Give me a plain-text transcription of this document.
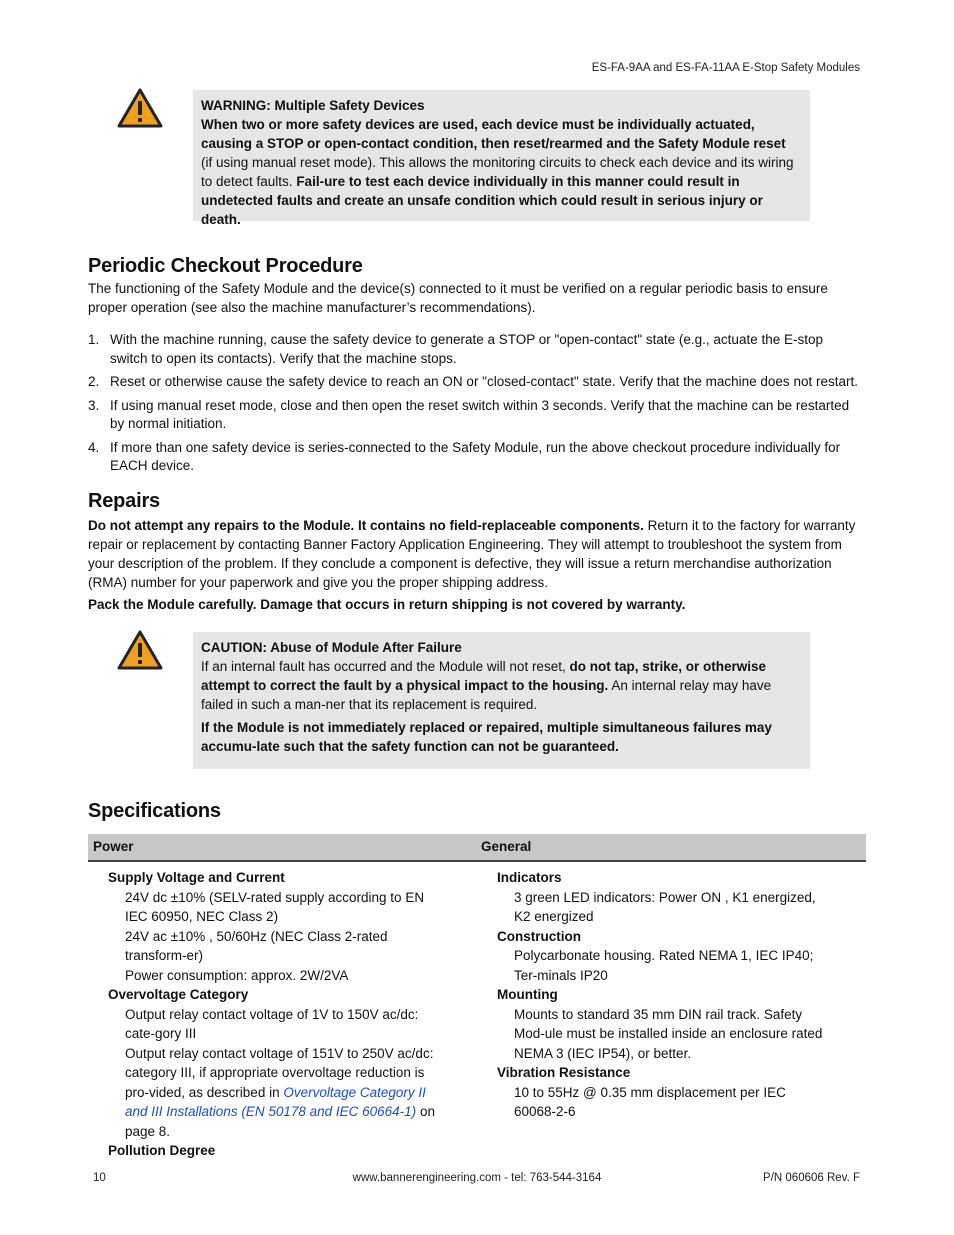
ES-FA-9AA and ES-FA-11AA E-Stop Safety Modules

WARNING: Multiple Safety Devices

When two or more safety devices are used, each device must be individually actuated, causing a STOP or open-contact condition, then reset/rearmed and the Safety Module reset (if using manual reset mode). This allows the monitoring circuits to check each device and its wiring to detect faults. Fail-ure to test each device individually in this manner could result in undetected faults and create an unsafe condition which could result in serious injury or death.

Periodic Checkout Procedure

The functioning of the Safety Module and the device(s) connected to it must be verified on a regular periodic basis to ensure proper operation (see also the machine manufacturer’s recommendations).

1. With the machine running, cause the safety device to generate a STOP or "open-contact" state (e.g., actuate the E-stop switch to open its contacts). Verify that the machine stops.
2. Reset or otherwise cause the safety device to reach an ON or "closed-contact" state. Verify that the machine does not restart.
3. If using manual reset mode, close and then open the reset switch within 3 seconds. Verify that the machine can be restarted by normal initiation.
4. If more than one safety device is series-connected to the Safety Module, run the above checkout procedure individually for EACH device.
Repairs

Do not attempt any repairs to the Module. It contains no field-replaceable components. Return it to the factory for warranty repair or replacement by contacting Banner Factory Application Engineering. They will attempt to troubleshoot the system from your description of the problem. If they conclude a component is defective, they will issue a return merchandise authorization (RMA) number for your paperwork and give you the proper shipping address.

Pack the Module carefully. Damage that occurs in return shipping is not covered by warranty.

CAUTION: Abuse of Module After Failure

If an internal fault has occurred and the Module will not reset, do not tap, strike, or otherwise attempt to correct the fault by a physical impact to the housing. An internal relay may have failed in such a man-ner that its replacement is required.

If the Module is not immediately replaced or repaired, multiple simultaneous failures may accumu-late such that the safety function can not be guaranteed.

Specifications
Power	General
Supply Voltage and Current
24V dc ±10% (SELV-rated supply according to EN IEC 60950, NEC Class 2)
24V ac ±10% , 50/60Hz (NEC Class 2-rated transform-er)
Power consumption: approx. 2W/2VA
Overvoltage Category
Output relay contact voltage of 1V to 150V ac/dc: cate-gory III
Output relay contact voltage of 151V to 250V ac/dc: category III, if appropriate overvoltage reduction is pro-vided, as described in Overvoltage Category II and III Installations (EN 50178 and IEC 60664-1) on page 8.
Pollution Degree
Indicators
3 green LED indicators: Power ON , K1 energized, K2 energized
Construction
Polycarbonate housing. Rated NEMA 1, IEC IP40; Ter-minals IP20
Mounting
Mounts to standard 35 mm DIN rail track. Safety Mod-ule must be installed inside an enclosure rated NEMA 3 (IEC IP54), or better.
Vibration Resistance
10 to 55Hz @ 0.35 mm displacement per IEC 60068-2-6
10	www.bannerengineering.com - tel: 763-544-3164	P/N 060606 Rev. F
